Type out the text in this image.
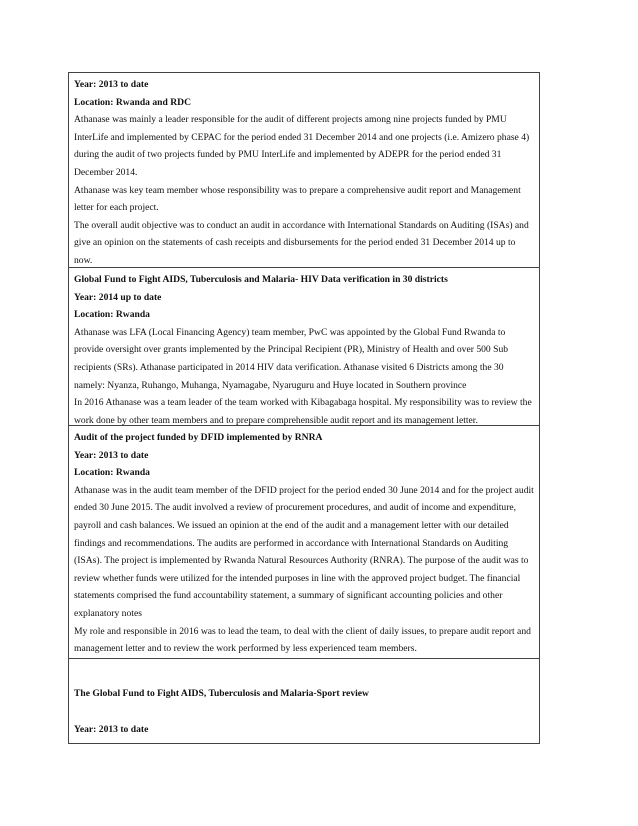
Year: 2013 to date

Location: Rwanda and RDC

Athanase was mainly a leader responsible for the audit of different projects among nine projects funded by PMU InterLife and implemented by CEPAC for the period ended 31 December 2014 and one projects (i.e. Amizero phase 4) during the audit of two projects funded by PMU InterLife and implemented by ADEPR for the period ended 31 December 2014.

Athanase was key team member whose responsibility was to prepare a comprehensive audit report and Management letter for each project.

The overall audit objective was to conduct an audit in accordance with International Standards on Auditing (ISAs) and give an opinion on the statements of cash receipts and disbursements for the period ended 31 December 2014 up to now.

Global Fund to Fight AIDS, Tuberculosis and Malaria- HIV Data verification in 30 districts

Year: 2014 up to date

Location: Rwanda

Athanase was LFA (Local Financing Agency) team member, PwC was appointed by the Global Fund Rwanda to provide oversight over grants implemented by the Principal Recipient (PR), Ministry of Health and over 500 Sub recipients (SRs). Athanase participated in 2014 HIV data verification. Athanase visited 6 Districts among the 30 namely: Nyanza, Ruhango, Muhanga, Nyamagabe, Nyaruguru and Huye located in Southern province

In 2016 Athanase was a team leader of the team worked with Kibagabaga hospital. My responsibility was to review the work done by other team members and to prepare comprehensible audit report and its management letter.

Audit of the project funded by DFID implemented by RNRA

Year: 2013 to date

Location: Rwanda

Athanase was in the audit team member of the DFID project for the period ended 30 June 2014 and for the project audit ended 30 June 2015. The audit involved a review of procurement procedures, and audit of income and expenditure, payroll and cash balances. We issued an opinion at the end of the audit and a management letter with our detailed findings and recommendations. The audits are performed in accordance with International Standards on Auditing (ISAs). The project is implemented by Rwanda Natural Resources Authority (RNRA). The purpose of the audit was to review whether funds were utilized for the intended purposes in line with the approved project budget. The financial statements comprised the fund accountability statement, a summary of significant accounting policies and other explanatory notes

My role and responsible in 2016 was to lead the team, to deal with the client of daily issues, to prepare audit report and management letter and to review the work performed by less experienced team members.

The Global Fund to Fight AIDS, Tuberculosis and Malaria-Sport review

Year: 2013 to date
